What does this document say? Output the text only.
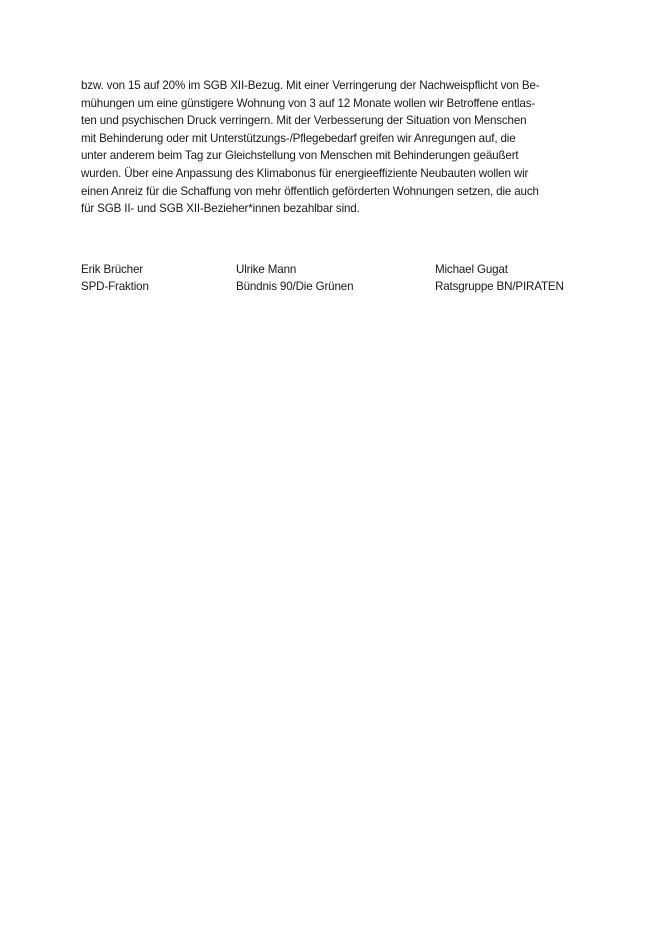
bzw. von 15 auf 20% im SGB XII-Bezug. Mit einer Verringerung der Nachweispflicht von Be-
mühungen um eine günstigere Wohnung von 3 auf 12 Monate wollen wir Betroffene entlas-
ten und psychischen Druck verringern. Mit der Verbesserung der Situation von Menschen
mit Behinderung oder mit Unterstützungs-/Pflegebedarf greifen wir Anregungen auf, die
unter anderem beim Tag zur Gleichstellung von Menschen mit Behinderungen geäußert
wurden. Über eine Anpassung des Klimabonus für energieeffiziente Neubauten wollen wir
einen Anreiz für die Schaffung von mehr öffentlich geförderten Wohnungen setzen, die auch
für SGB II- und SGB XII-Bezieher*innen bezahlbar sind.
Erik Brücher
SPD-Fraktion
Ulrike Mann
Bündnis 90/Die Grünen
Michael Gugat
Ratsgruppe BN/PIRATEN
